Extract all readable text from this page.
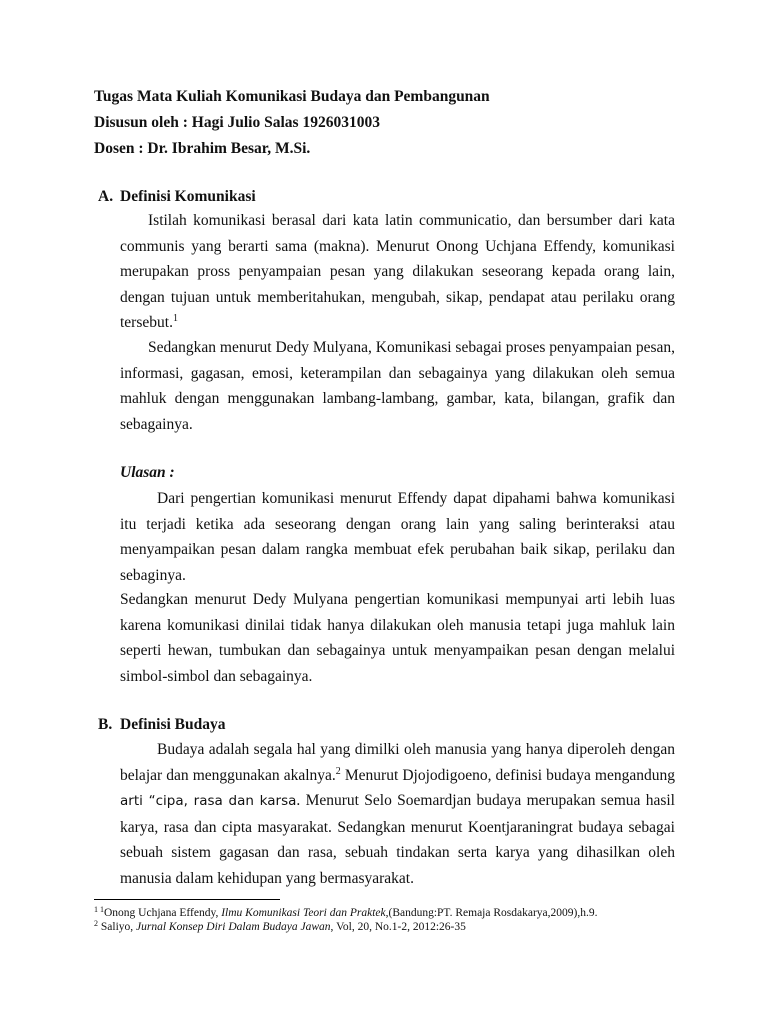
Tugas Mata Kuliah Komunikasi Budaya dan Pembangunan
Disusun oleh : Hagi Julio Salas 1926031003
Dosen : Dr. Ibrahim Besar, M.Si.
A. Definisi Komunikasi
Istilah komunikasi berasal dari kata latin communicatio, dan bersumber dari kata communis yang berarti sama (makna). Menurut Onong Uchjana Effendy, komunikasi merupakan pross penyampaian pesan yang dilakukan seseorang kepada orang lain, dengan tujuan untuk memberitahukan, mengubah, sikap, pendapat atau perilaku orang tersebut.$^1$
Sedangkan menurut Dedy Mulyana, Komunikasi sebagai proses penyampaian pesan, informasi, gagasan, emosi, keterampilan dan sebagainya yang dilakukan oleh semua mahluk dengan menggunakan lambang-lambang, gambar, kata, bilangan, grafik dan sebagainya.
Ulasan :
Dari pengertian komunikasi menurut Effendy dapat dipahami bahwa komunikasi itu terjadi ketika ada seseorang dengan orang lain yang saling berinteraksi atau menyampaikan pesan dalam rangka membuat efek perubahan baik sikap, perilaku dan sebaginya.
Sedangkan menurut Dedy Mulyana pengertian komunikasi mempunyai arti lebih luas karena komunikasi dinilai tidak hanya dilakukan oleh manusia tetapi juga mahluk lain seperti hewan, tumbukan dan sebagainya untuk menyampaikan pesan dengan melalui simbol-simbol dan sebagainya.
B. Definisi Budaya
Budaya adalah segala hal yang dimilki oleh manusia yang hanya diperoleh dengan belajar dan menggunakan akalnya.$^2$ Menurut Djojodigoeno, definisi budaya mengandung arti “cipa, rasa dan karsa. Menurut Selo Soemardjan budaya merupakan semua hasil karya, rasa dan cipta masyarakat. Sedangkan menurut Koentjaraningrat budaya sebagai sebuah sistem gagasan dan rasa, sebuah tindakan serta karya yang dihasilkan oleh manusia dalam kehidupan yang bermasyarakat.
$^{1 1}$Onong Uchjana Effendy, Ilmu Komunikasi Teori dan Praktek,(Bandung:PT. Remaja Rosdakarya,2009),h.9.
$^2$ Saliyo, Jurnal Konsep Diri Dalam Budaya Jawan, Vol, 20, No.1-2, 2012:26-35
